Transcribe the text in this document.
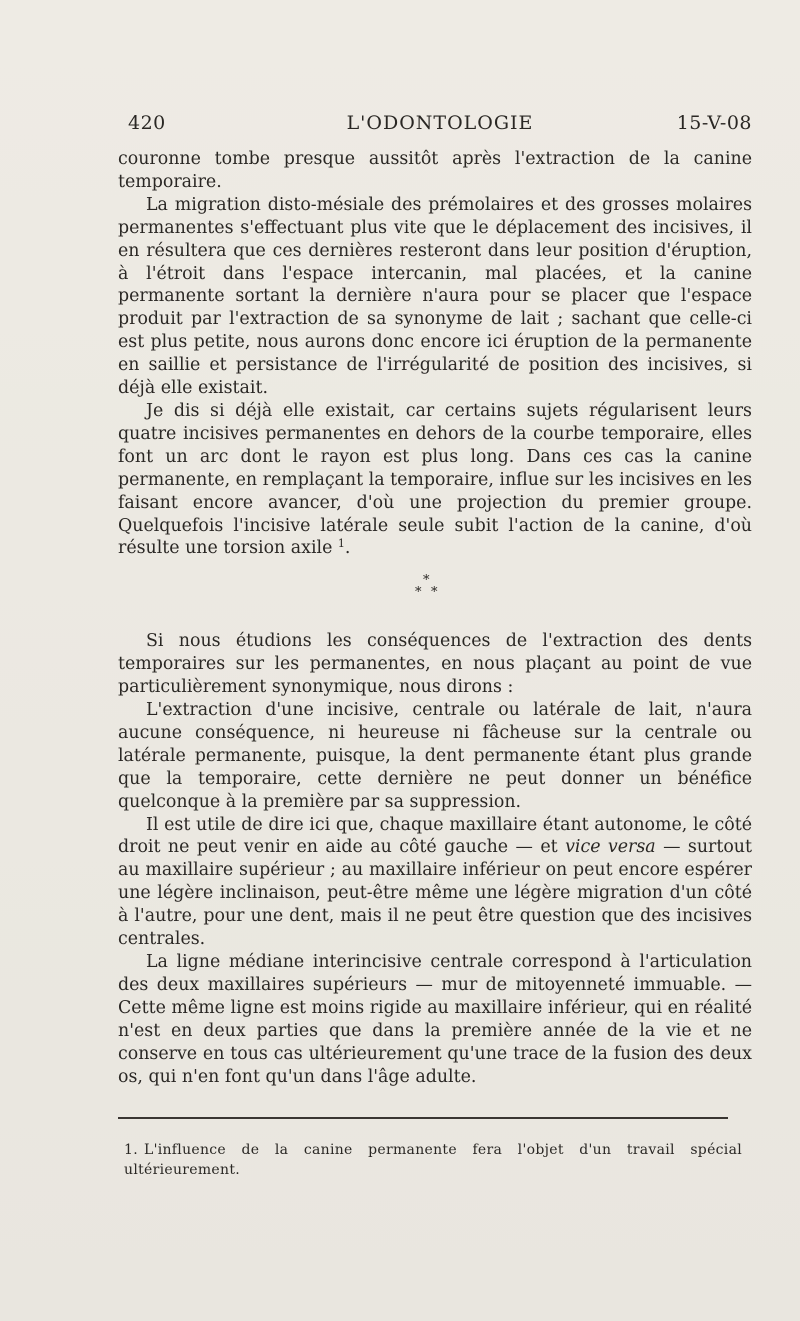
420	L'ODONTOLOGIE	15-V-08

couronne tombe presque aussitôt après l'extraction de la canine temporaire.

La migration disto-mésiale des prémolaires et des grosses molaires permanentes s'effectuant plus vite que le déplacement des incisives, il en résultera que ces dernières resteront dans leur position d'éruption, à l'étroit dans l'espace intercanin, mal placées, et la canine permanente sortant la dernière n'aura pour se placer que l'espace produit par l'extraction de sa synonyme de lait ; sachant que celle-ci est plus petite, nous aurons donc encore ici éruption de la permanente en saillie et persistance de l'irrégularité de position des incisives, si déjà elle existait.

Je dis si déjà elle existait, car certains sujets régularisent leurs quatre incisives permanentes en dehors de la courbe temporaire, elles font un arc dont le rayon est plus long. Dans ces cas la canine permanente, en remplaçant la temporaire, influe sur les incisives en les faisant encore avancer, d'où une projection du premier groupe. Quelquefois l'incisive latérale seule subit l'action de la canine, d'où résulte une torsion axile $^1$.

*
* *

Si nous étudions les conséquences de l'extraction des dents temporaires sur les permanentes, en nous plaçant au point de vue particulièrement synonymique, nous dirons :

L'extraction d'une incisive, centrale ou latérale de lait, n'aura aucune conséquence, ni heureuse ni fâcheuse sur la centrale ou latérale permanente, puisque, la dent permanente étant plus grande que la temporaire, cette dernière ne peut donner un bénéfice quelconque à la première par sa suppression.

Il est utile de dire ici que, chaque maxillaire étant autonome, le côté droit ne peut venir en aide au côté gauche — et vice versa — surtout au maxillaire supérieur ; au maxillaire inférieur on peut encore espérer une légère inclinaison, peut-être même une légère migration d'un côté à l'autre, pour une dent, mais il ne peut être question que des incisives centrales.

La ligne médiane interincisive centrale correspond à l'articulation des deux maxillaires supérieurs — mur de mitoyenneté immuable. — Cette même ligne est moins rigide au maxillaire inférieur, qui en réalité n'est en deux parties que dans la première année de la vie et ne conserve en tous cas ultérieurement qu'une trace de la fusion des deux os, qui n'en font qu'un dans l'âge adulte.

1. L'influence de la canine permanente fera l'objet d'un travail spécial ultérieurement.
